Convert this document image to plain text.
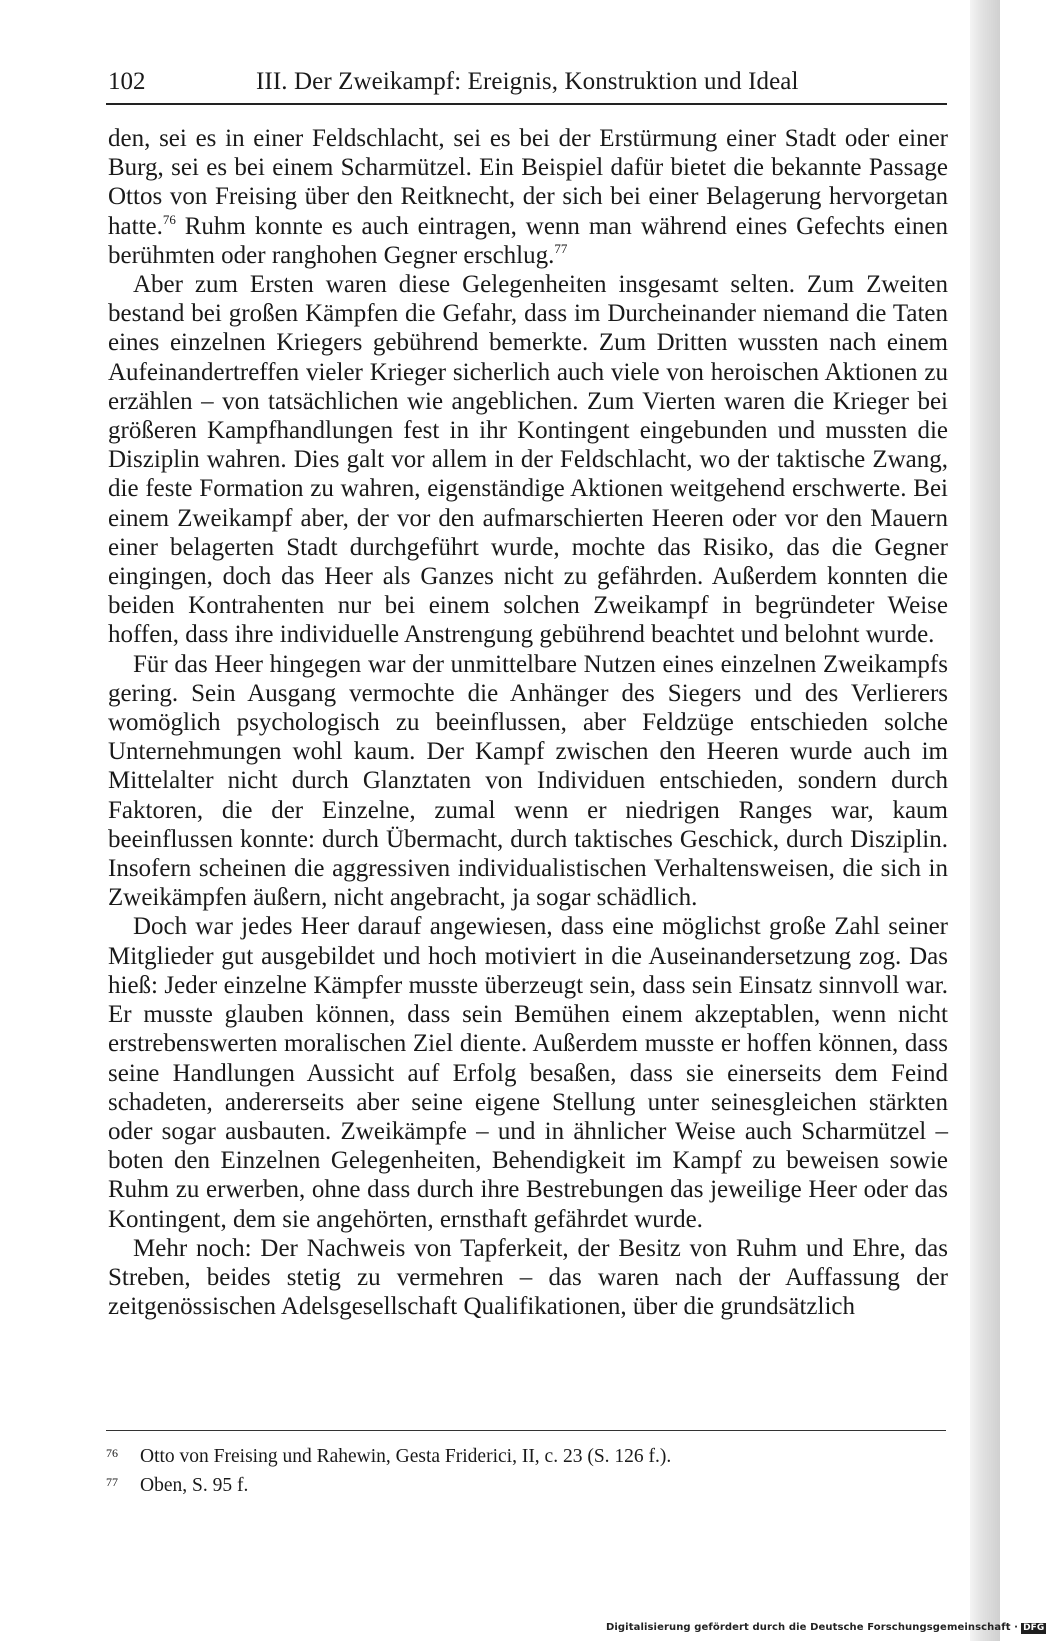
102	III. Der Zweikampf: Ereignis, Konstruktion und Ideal

den, sei es in einer Feldschlacht, sei es bei der Erstürmung einer Stadt oder einer Burg, sei es bei einem Scharmützel. Ein Beispiel dafür bietet die bekannte Passage Ottos von Freising über den Reitknecht, der sich bei einer Belagerung hervorgetan hatte.$^{76}$ Ruhm konnte es auch eintragen, wenn man während eines Gefechts einen berühmten oder ranghohen Gegner erschlug.$^{77}$

Aber zum Ersten waren diese Gelegenheiten insgesamt selten. Zum Zweiten bestand bei großen Kämpfen die Gefahr, dass im Durcheinander niemand die Taten eines einzelnen Kriegers gebührend bemerkte. Zum Dritten wussten nach einem Aufeinandertreffen vieler Krieger sicherlich auch viele von heroischen Aktionen zu erzählen – von tatsächlichen wie angeblichen. Zum Vierten waren die Krieger bei größeren Kampfhandlungen fest in ihr Kontingent eingebunden und mussten die Disziplin wahren. Dies galt vor allem in der Feldschlacht, wo der taktische Zwang, die feste Formation zu wahren, eigenständige Aktionen weitgehend erschwerte. Bei einem Zweikampf aber, der vor den aufmarschierten Heeren oder vor den Mauern einer belagerten Stadt durchgeführt wurde, mochte das Risiko, das die Gegner eingingen, doch das Heer als Ganzes nicht zu gefährden. Außerdem konnten die beiden Kontrahenten nur bei einem solchen Zweikampf in begründeter Weise hoffen, dass ihre individuelle Anstrengung gebührend beachtet und belohnt wurde.

Für das Heer hingegen war der unmittelbare Nutzen eines einzelnen Zweikampfs gering. Sein Ausgang vermochte die Anhänger des Siegers und des Verlierers womöglich psychologisch zu beeinflussen, aber Feldzüge entschieden solche Unternehmungen wohl kaum. Der Kampf zwischen den Heeren wurde auch im Mittelalter nicht durch Glanztaten von Individuen entschieden, sondern durch Faktoren, die der Einzelne, zumal wenn er niedrigen Ranges war, kaum beeinflussen konnte: durch Übermacht, durch taktisches Geschick, durch Disziplin. Insofern scheinen die aggressiven individualistischen Verhaltensweisen, die sich in Zweikämpfen äußern, nicht angebracht, ja sogar schädlich.

Doch war jedes Heer darauf angewiesen, dass eine möglichst große Zahl seiner Mitglieder gut ausgebildet und hoch motiviert in die Auseinandersetzung zog. Das hieß: Jeder einzelne Kämpfer musste überzeugt sein, dass sein Einsatz sinnvoll war. Er musste glauben können, dass sein Bemühen einem akzeptablen, wenn nicht erstrebenswerten moralischen Ziel diente. Außerdem musste er hoffen können, dass seine Handlungen Aussicht auf Erfolg besaßen, dass sie einerseits dem Feind schadeten, andererseits aber seine eigene Stellung unter seinesgleichen stärkten oder sogar ausbauten. Zweikämpfe – und in ähnlicher Weise auch Scharmützel – boten den Einzelnen Gelegenheiten, Behendigkeit im Kampf zu beweisen sowie Ruhm zu erwerben, ohne dass durch ihre Bestrebungen das jeweilige Heer oder das Kontingent, dem sie angehörten, ernsthaft gefährdet wurde.

Mehr noch: Der Nachweis von Tapferkeit, der Besitz von Ruhm und Ehre, das Streben, beides stetig zu vermehren – das waren nach der Auffassung der zeitgenössischen Adelsgesellschaft Qualifikationen, über die grundsätzlich

76 Otto von Freising und Rahewin, Gesta Friderici, II, c. 23 (S. 126 f.).
77 Oben, S. 95 f.
Digitalisierung gefördert durch die Deutsche Forschungsgemeinschaft · DFG
